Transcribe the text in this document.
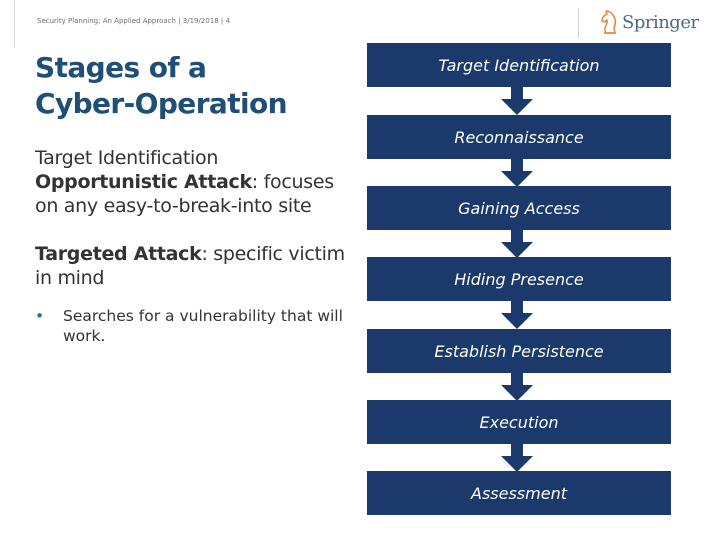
Security Planning: An Applied Approach | 3/19/2018 | 4	Springer
Stages of a
Cyber-Operation
Target Identification
Opportunistic Attack: focuses on any easy-to-break-into site
Targeted Attack: specific victim in mind
•	Searches for a vulnerability that will work.
Target Identification
Reconnaissance
Gaining Access
Hiding Presence
Establish Persistence
Execution
Assessment
